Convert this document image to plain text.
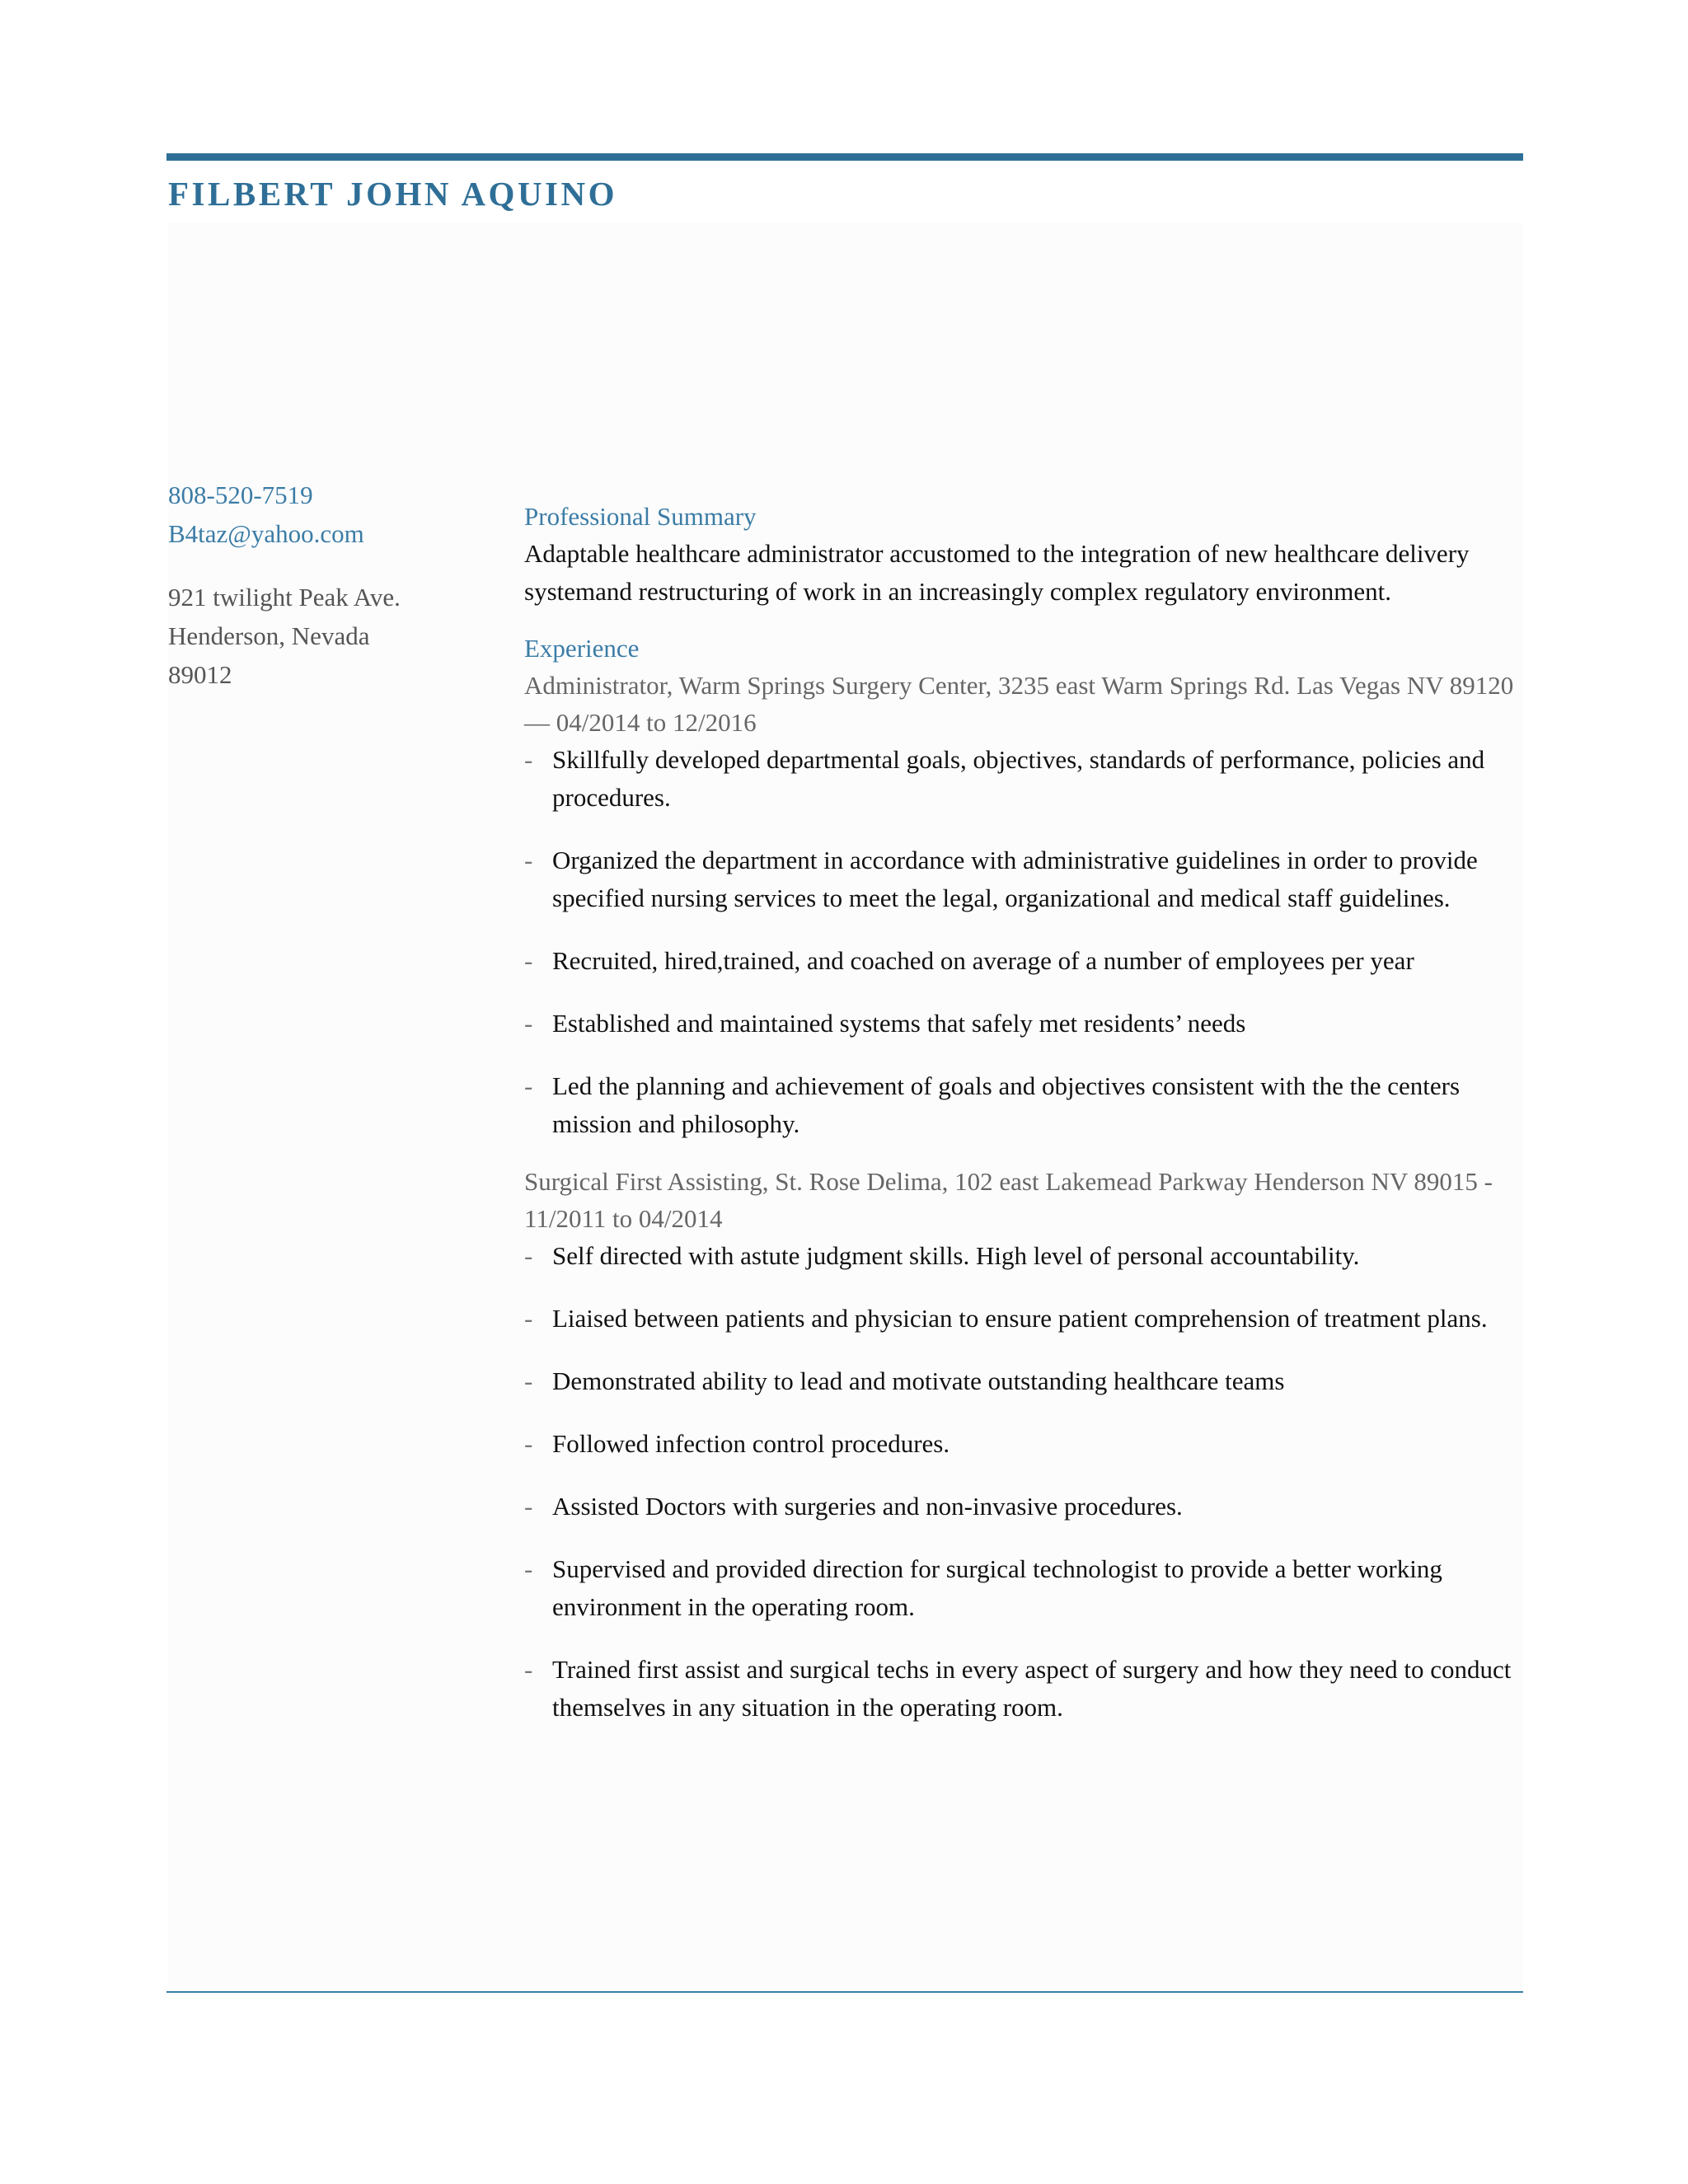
FILBERT JOHN AQUINO
808-520-7519
B4taz@yahoo.com
921 twilight Peak Ave.
Henderson, Nevada
89012

Professional Summary

Adaptable healthcare administrator accustomed to the integration of new healthcare delivery systemand restructuring of work in an increasingly complex regulatory environment.

Experience

Administrator, Warm Springs Surgery Center, 3235 east Warm Springs Rd. Las Vegas NV 89120 — 04/2014 to 12/2016

- Skillfully developed departmental goals, objectives, standards of performance, policies and procedures.
- Organized the department in accordance with administrative guidelines in order to provide specified nursing services to meet the legal, organizational and medical staff guidelines.
- Recruited, hired,trained, and coached on average of a number of employees per year
- Established and maintained systems that safely met residents’ needs
- Led the planning and achievement of goals and objectives consistent with the the centers mission and philosophy.

Surgical First Assisting, St. Rose Delima, 102 east Lakemead Parkway Henderson NV 89015 - 11/2011 to 04/2014

- Self directed with astute judgment skills. High level of personal accountability.
- Liaised between patients and physician to ensure patient comprehension of treatment plans.
- Demonstrated ability to lead and motivate outstanding healthcare teams
- Followed infection control procedures.
- Assisted Doctors with surgeries and non-invasive procedures.
- Supervised and provided direction for surgical technologist to provide a better working environment in the operating room.
- Trained first assist and surgical techs in every aspect of surgery and how they need to conduct themselves in any situation in the operating room.
